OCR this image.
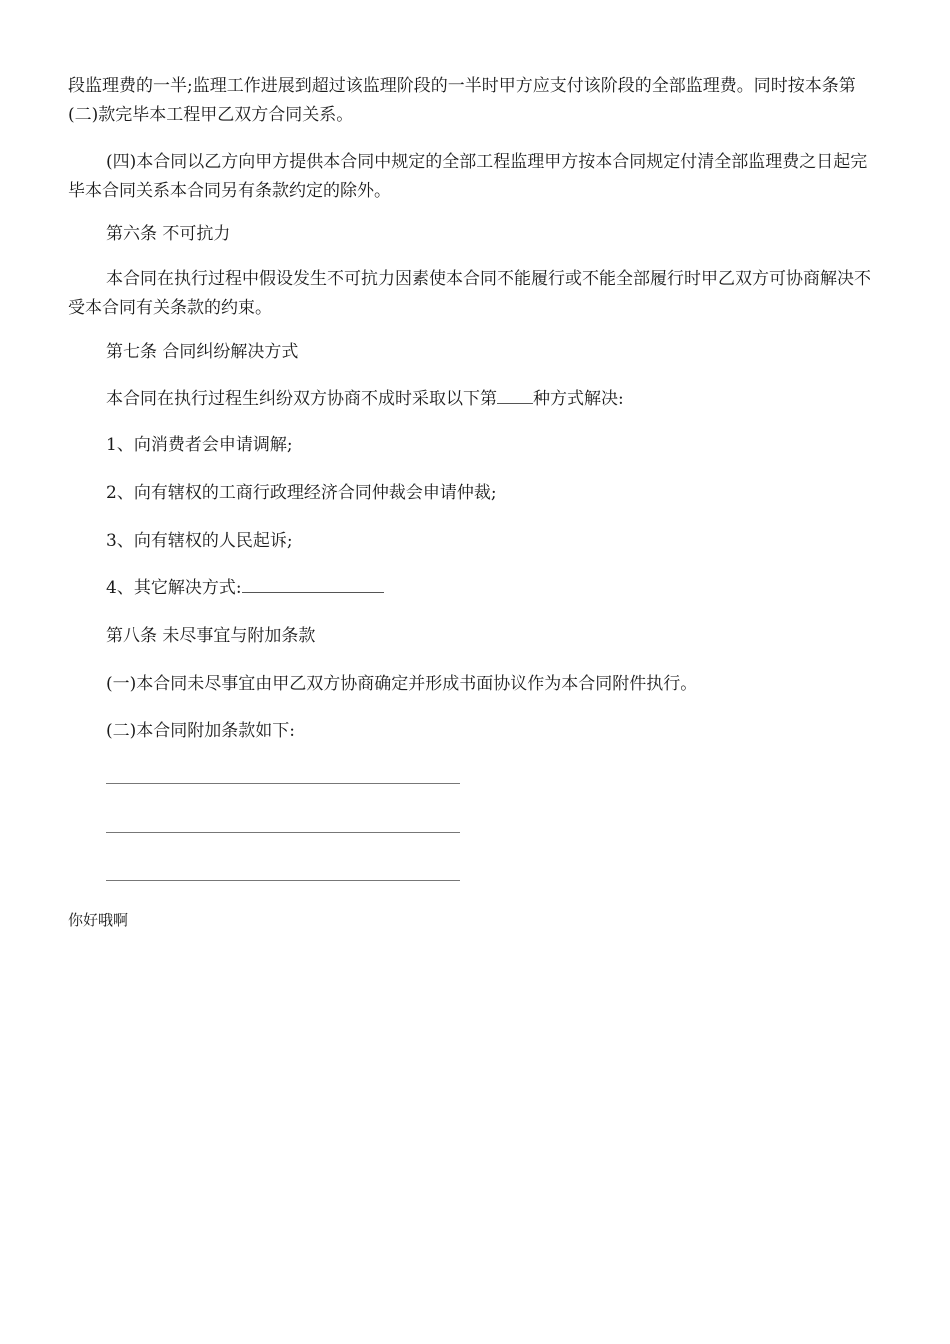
段监理费的一半;监理工作进展到超过该监理阶段的一半时甲方应支付该阶段的全部监理费。同时按本条第(二)款完毕本工程甲乙双方合同关系。

(四)本合同以乙方向甲方提供本合同中规定的全部工程监理甲方按本合同规定付清全部监理费之日起完毕本合同关系本合同另有条款约定的除外。

第六条 不可抗力

本合同在执行过程中假设发生不可抗力因素使本合同不能履行或不能全部履行时甲乙双方可协商解决不受本合同有关条款的约束。

第七条 合同纠纷解决方式

本合同在执行过程生纠纷双方协商不成时采取以下第 种方式解决:

1、向消费者会申请调解;

2、向有辖权的工商行政理经济合同仲裁会申请仲裁;

3、向有辖权的人民起诉;

4、其它解决方式:

第八条 未尽事宜与附加条款

(一)本合同未尽事宜由甲乙双方协商确定并形成书面协议作为本合同附件执行。

(二)本合同附加条款如下:

你好哦啊
